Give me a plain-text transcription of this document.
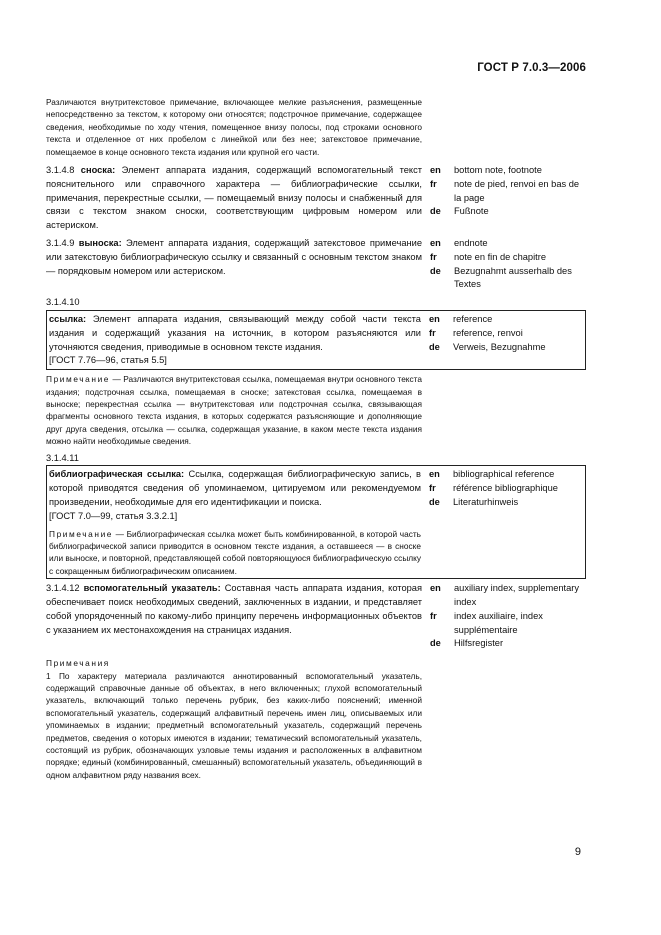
ГОСТ Р 7.0.3—2006

Различаются внутритекстовое примечание, включающее мелкие разъяснения, размещенные непосредственно за текстом, к которому они относятся; подстрочное примечание, содержащее сведения, необходимые по ходу чтения, помещенное внизу полосы, под строками основного текста и отделенное от них пробелом с линейкой или без нее; затекстовое примечание, помещаемое в конце основного текста издания или крупной его части.

3.1.4.8 сноска: Элемент аппарата издания, содержащий вспомогательный текст пояснительного или справочного характера — библиографические ссылки, примечания, перекрестные ссылки, — помещаемый внизу полосы и снабженный для связи с текстом знаком сноски, соответствующим цифровым номером или астериском.
en	bottom note, footnote
fr	note de pied, renvoi en bas de la page
de	Fußnote
3.1.4.9 выноска: Элемент аппарата издания, содержащий затекстовое примечание или затекстовую библиографическую ссылку и связанный с основным текстом знаком — порядковым номером или астериском.
en	endnote
fr	note en fin de chapitre
de	Bezugnahmt ausserhalb des Textes
3.1.4.10
ссылка: Элемент аппарата издания, связывающий между собой части текста издания и содержащий указания на источник, в котором разъясняются или уточняются сведения, приводимые в основном тексте издания.
[ГОСТ 7.76—96, статья 5.5]
en	reference
fr	reference, renvoi
de	Verweis, Bezugnahme

Примечание — Различаются внутритекстовая ссылка, помещаемая внутри основного текста издания; подстрочная ссылка, помещаемая в сноске; затекстовая ссылка, помещаемая в выноске; перекрестная ссылка — внутритекстовая или подстрочная ссылка, связывающая фрагменты основного текста издания, в которых содержатся разъясняющие и дополняющие друг друга сведения, отсылка — ссылка, содержащая указание, в каком месте текста издания можно найти необходимые сведения.

3.1.4.11
библиографическая ссылка: Ссылка, содержащая библиографическую запись, в которой приводятся сведения об упоминаемом, цитируемом или рекомендуемом произведении, необходимые для его идентификации и поиска.
[ГОСТ 7.0—99, статья 3.3.2.1]

Примечание — Библиографическая ссылка может быть комбинированной, в которой часть библиографической записи приводится в основном тексте издания, а оставшееся — в сноске или выноске, и повторной, представляющей собой повторяющуюся библиографическую ссылку с сокращенным библиографическим описанием.

en	bibliographical reference
fr	référence bibliographique
de	Literaturhinweis
3.1.4.12 вспомогательный указатель: Составная часть аппарата издания, которая обеспечивает поиск необходимых сведений, заключенных в издании, и представляет собой упорядоченный по какому-либо принципу перечень информационных объектов с указанием их местонахождения на страницах издания.
en	auxiliary index, supplementary index
fr	index auxiliaire, index supplémentaire
de	Hilfsregister

Примечания

1 По характеру материала различаются аннотированный вспомогательный указатель, содержащий справочные данные об объектах, в него включенных; глухой вспомогательный указатель, включающий только перечень рубрик, без каких-либо пояснений; именной вспомогательный указатель, содержащий алфавитный перечень имен лиц, описываемых или упоминаемых в издании; предметный вспомогательный указатель, содержащий перечень предметов, сведения о которых имеются в издании; тематический вспомогательный указатель, состоящий из рубрик, обозначающих узловые темы издания и расположенных в алфавитном порядке; единый (комбинированный, смешанный) вспомогательный указатель, объединяющий в одном алфавитном ряду названия всех.

9
